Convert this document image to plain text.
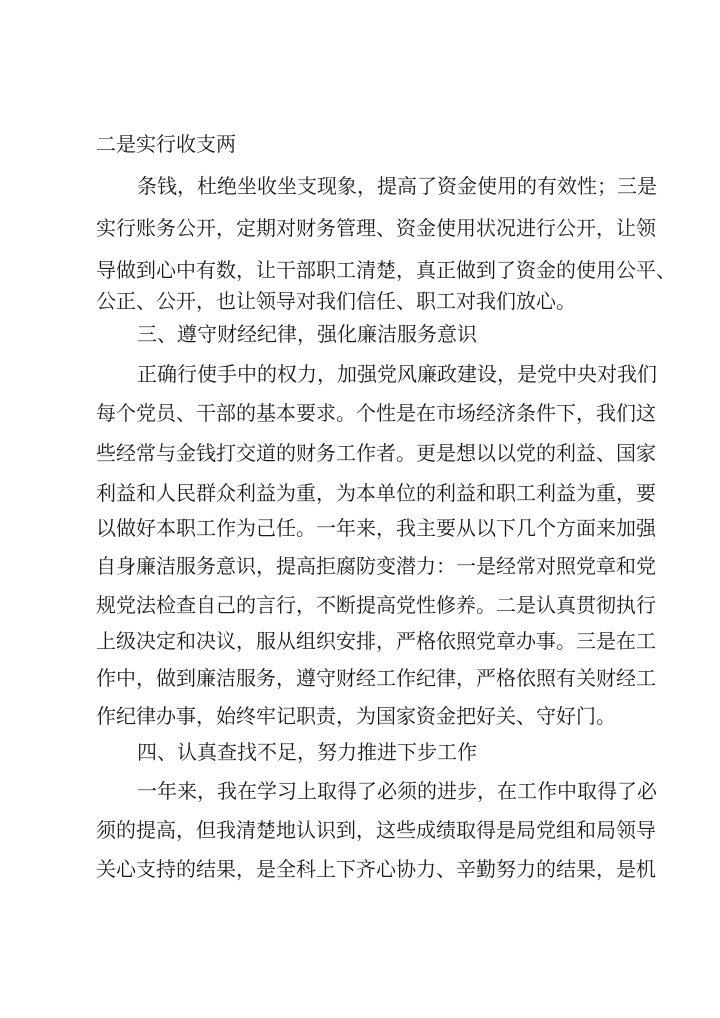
二是实行收支两
条钱，杜绝坐收坐支现象，提高了资金使用的有效性；三是
实行账务公开，定期对财务管理、资金使用状况进行公开，让领
导做到心中有数，让干部职工清楚，真正做到了资金的使用公平、
公正、公开，也让领导对我们信任、职工对我们放心。
三、遵守财经纪律，强化廉洁服务意识
正确行使手中的权力，加强党风廉政建设，是党中央对我们
每个党员、干部的基本要求。个性是在市场经济条件下，我们这
些经常与金钱打交道的财务工作者。更是想以以党的利益、国家
利益和人民群众利益为重，为本单位的利益和职工利益为重，要
以做好本职工作为己任。一年来，我主要从以下几个方面来加强
自身廉洁服务意识，提高拒腐防变潜力：一是经常对照党章和党
规党法检查自己的言行，不断提高党性修养。二是认真贯彻执行
上级决定和决议，服从组织安排，严格依照党章办事。三是在工
作中，做到廉洁服务，遵守财经工作纪律，严格依照有关财经工
作纪律办事，始终牢记职责，为国家资金把好关、守好门。
四、认真查找不足，努力推进下步工作
一年来，我在学习上取得了必须的进步，在工作中取得了必
须的提高，但我清楚地认识到，这些成绩取得是局党组和局领导
关心支持的结果，是全科上下齐心协力、辛勤努力的结果，是机
